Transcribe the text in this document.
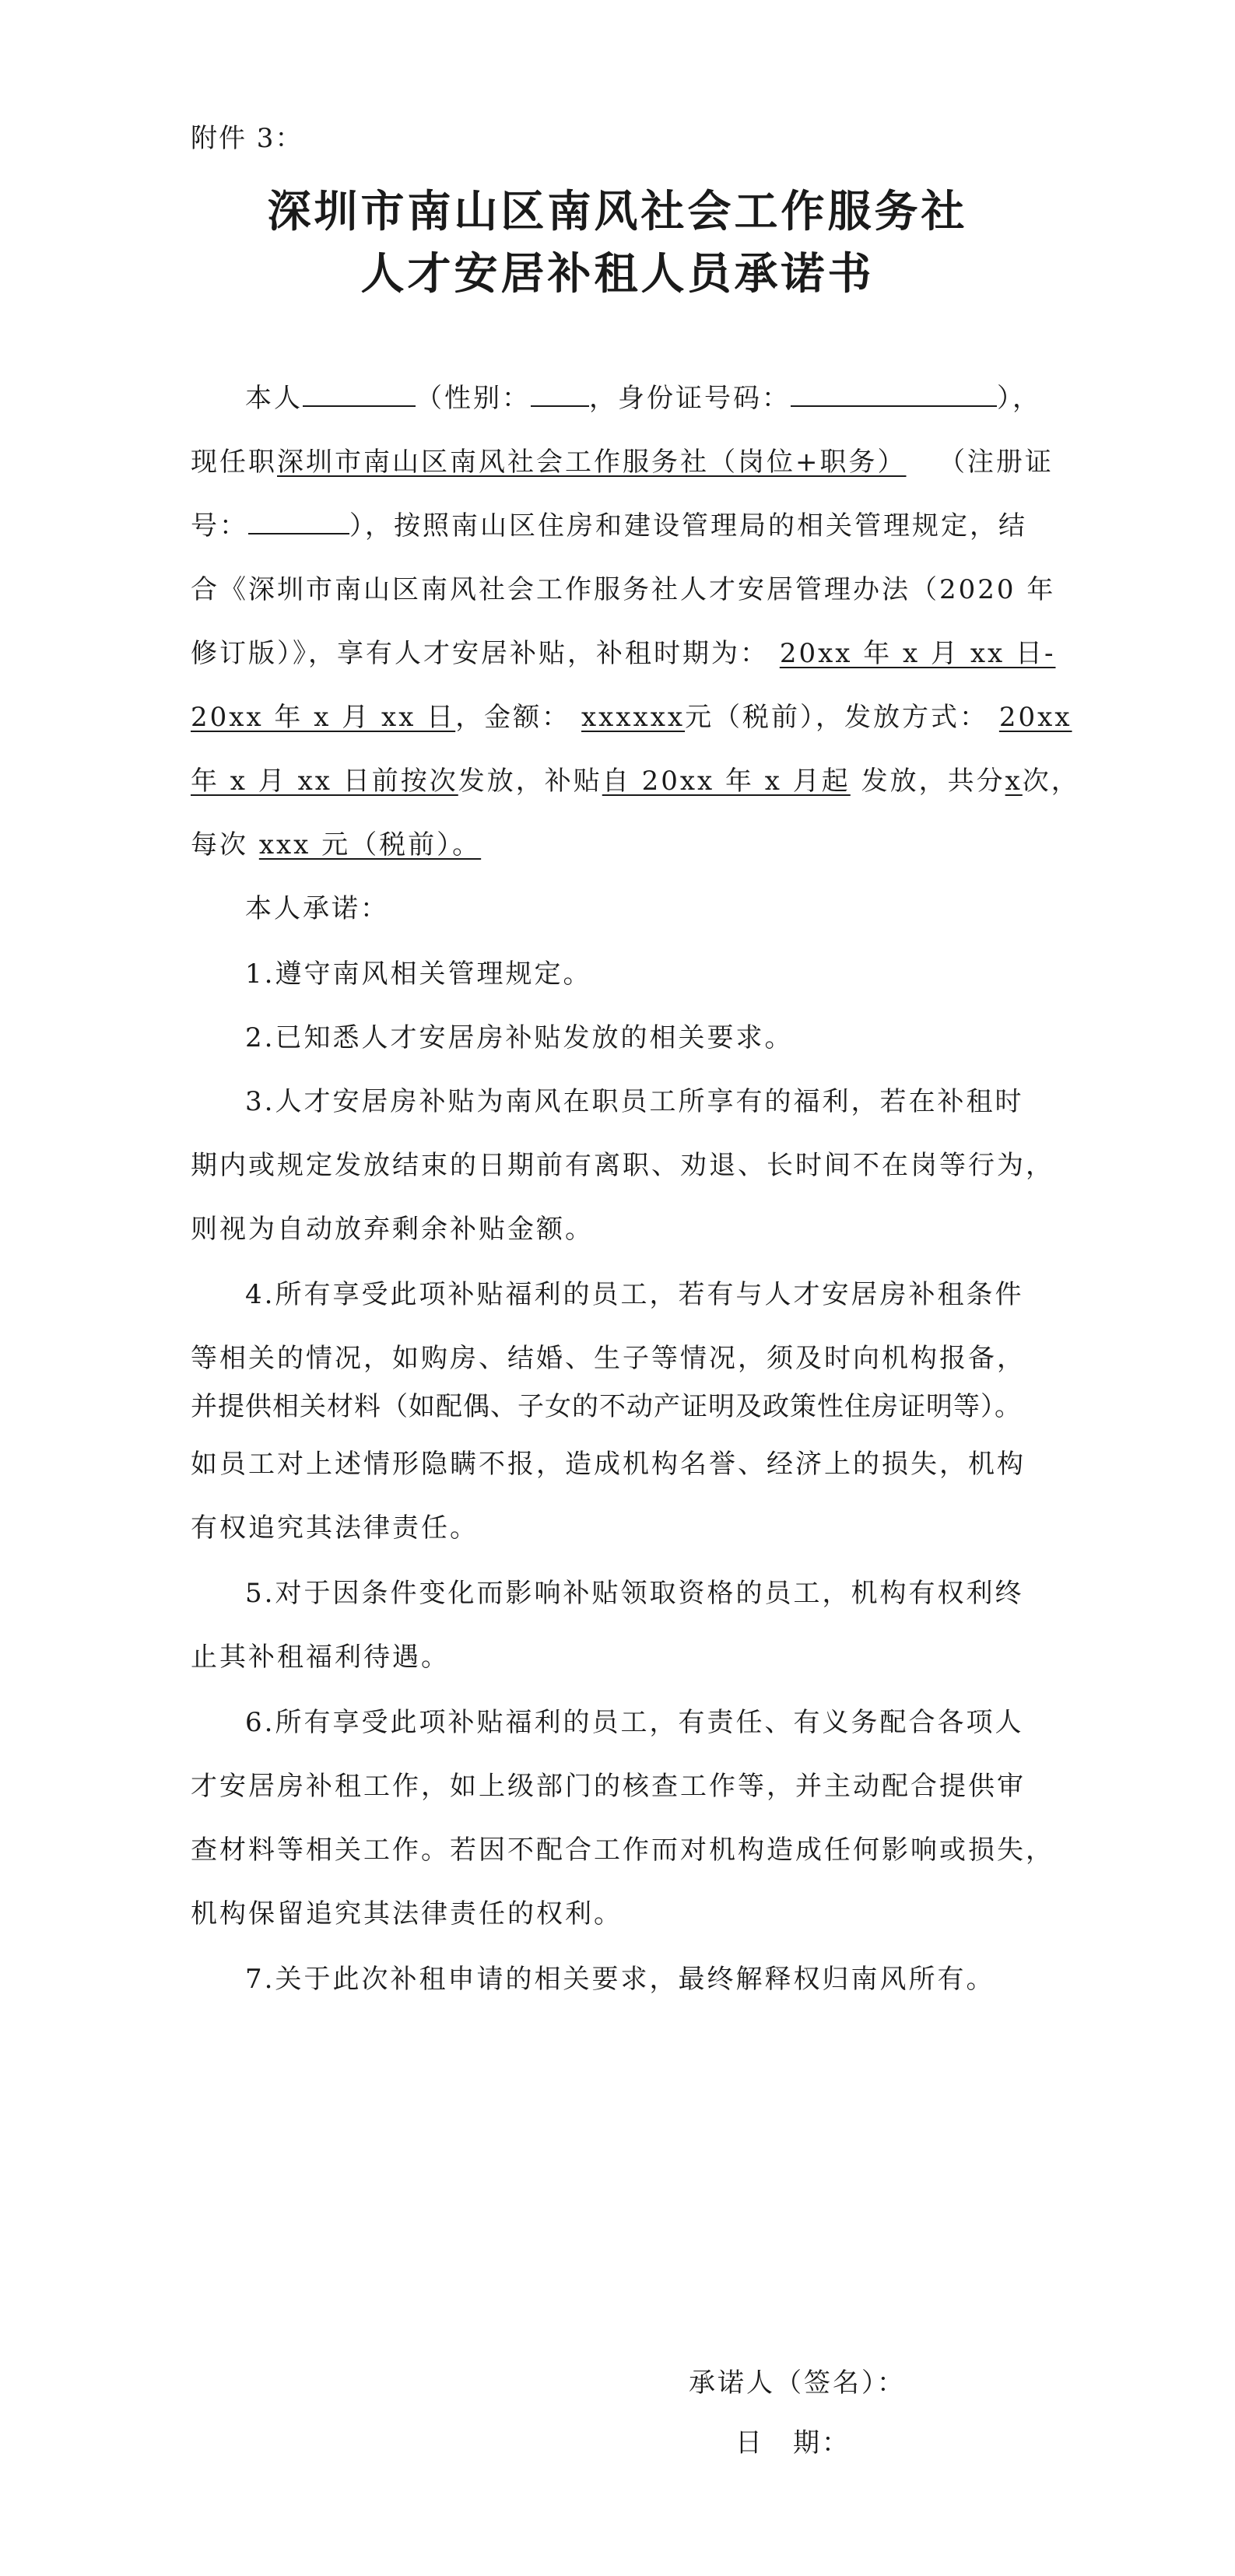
附件 3：
深圳市南山区南风社会工作服务社
人才安居补租人员承诺书
本人	（性别： ，身份证号码：	），
现任职深圳市南山区南风社会工作服务社（岗位+职务） （注册证
号：	），按照南山区住房和建设管理局的相关管理规定，结
合《深圳市南山区南风社会工作服务社人才安居管理办法（2020 年
修订版）》，享有人才安居补贴，补租时期为： 20xx 年 x 月 xx 日-
20xx 年 x 月 xx 日，金额： xxxxxx元（税前），发放方式： 20xx
年 x 月 xx 日前按次发放，补贴自 20xx 年 x 月起 发放，共分x次，
每次 xxx 元（税前）。
本人承诺：
1.遵守南风相关管理规定。
2.已知悉人才安居房补贴发放的相关要求。
3.人才安居房补贴为南风在职员工所享有的福利，若在补租时
期内或规定发放结束的日期前有离职、劝退、长时间不在岗等行为，
则视为自动放弃剩余补贴金额。
4.所有享受此项补贴福利的员工，若有与人才安居房补租条件
等相关的情况，如购房、结婚、生子等情况，须及时向机构报备，
并提供相关材料（如配偶、子女的不动产证明及政策性住房证明等）。
如员工对上述情形隐瞒不报，造成机构名誉、经济上的损失，机构
有权追究其法律责任。
5.对于因条件变化而影响补贴领取资格的员工，机构有权利终
止其补租福利待遇。
6.所有享受此项补贴福利的员工，有责任、有义务配合各项人
才安居房补租工作，如上级部门的核查工作等，并主动配合提供审
查材料等相关工作。若因不配合工作而对机构造成任何影响或损失，
机构保留追究其法律责任的权利。
7.关于此次补租申请的相关要求，最终解释权归南风所有。
承诺人（签名）：
日　期：
